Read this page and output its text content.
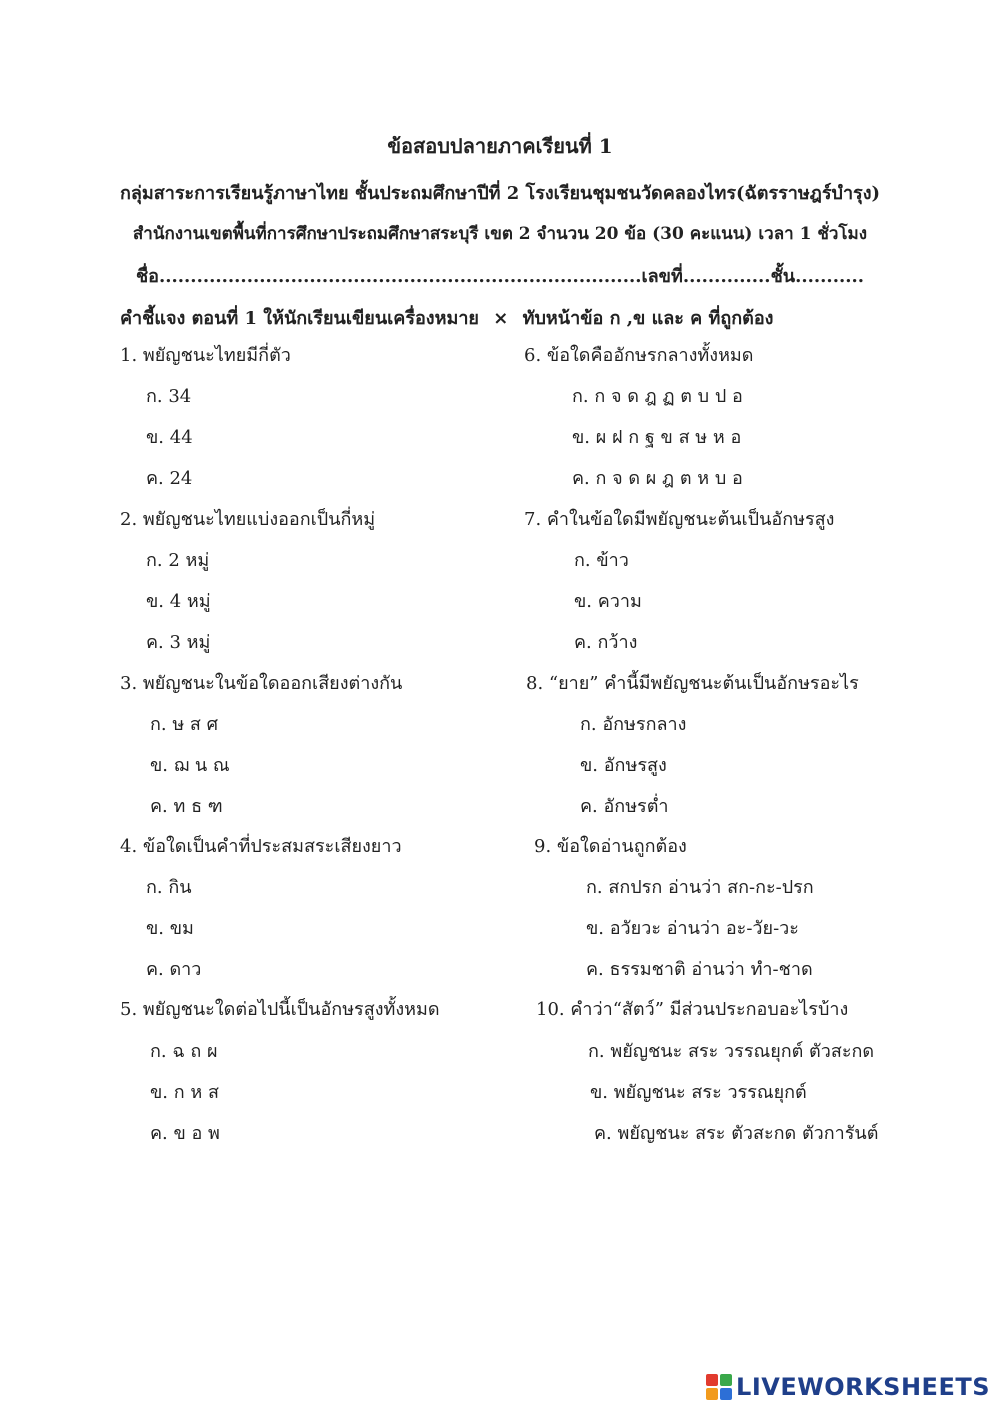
ข้อสอบปลายภาคเรียนที่ 1
กลุ่มสาระการเรียนรู้ภาษาไทย ชั้นประถมศึกษาปีที่ 2 โรงเรียนชุมชนวัดคลองไทร(ฉัตรราษฎร์บำรุง)
สำนักงานเขตพื้นที่การศึกษาประถมศึกษาสระบุรี เขต 2 จำนวน 20 ข้อ (30 คะแนน) เวลา 1 ชั่วโมง
ชื่อ.............................................................................เลขที่..............ชั้น...........
คำชี้แจง ตอนที่ 1 ให้นักเรียนเขียนเครื่องหมาย × ทับหน้าข้อ ก ,ข และ ค ที่ถูกต้อง
1. พยัญชนะไทยมีกี่ตัว
ก. 34
ข. 44
ค. 24
2. พยัญชนะไทยแบ่งออกเป็นกี่หมู่
ก. 2 หมู่
ข. 4 หมู่
ค. 3 หมู่
3. พยัญชนะในข้อใดออกเสียงต่างกัน
ก. ษ ส ศ
ข. ฌ น ณ
ค. ท ธ ฑ
4. ข้อใดเป็นคำที่ประสมสระเสียงยาว
ก. กิน
ข. ขม
ค. ดาว
5. พยัญชนะใดต่อไปนี้เป็นอักษรสูงทั้งหมด
ก. ฉ ถ ผ
ข. ก ห ส
ค. ข อ พ
6. ข้อใดคืออักษรกลางทั้งหมด
ก. ก จ ด ฎ ฏ ต บ ป อ
ข. ผ ฝ ก ฐ ข ส ษ ห อ
ค. ก จ ด ผ ฎ ต ห บ อ
7. คำในข้อใดมีพยัญชนะต้นเป็นอักษรสูง
ก. ข้าว
ข. ความ
ค. กว้าง
8. “ยาย” คำนี้มีพยัญชนะต้นเป็นอักษรอะไร
ก. อักษรกลาง
ข. อักษรสูง
ค. อักษรต่ำ
9. ข้อใดอ่านถูกต้อง
ก. สกปรก อ่านว่า สก-กะ-ปรก
ข. อวัยวะ อ่านว่า อะ-วัย-วะ
ค. ธรรมชาติ อ่านว่า ทำ-ชาด
10. คำว่า“สัตว์” มีส่วนประกอบอะไรบ้าง
ก. พยัญชนะ สระ วรรณยุกต์ ตัวสะกด
ข. พยัญชนะ สระ วรรณยุกต์
ค. พยัญชนะ สระ ตัวสะกด ตัวการันต์
LIVEWORKSHEETS
